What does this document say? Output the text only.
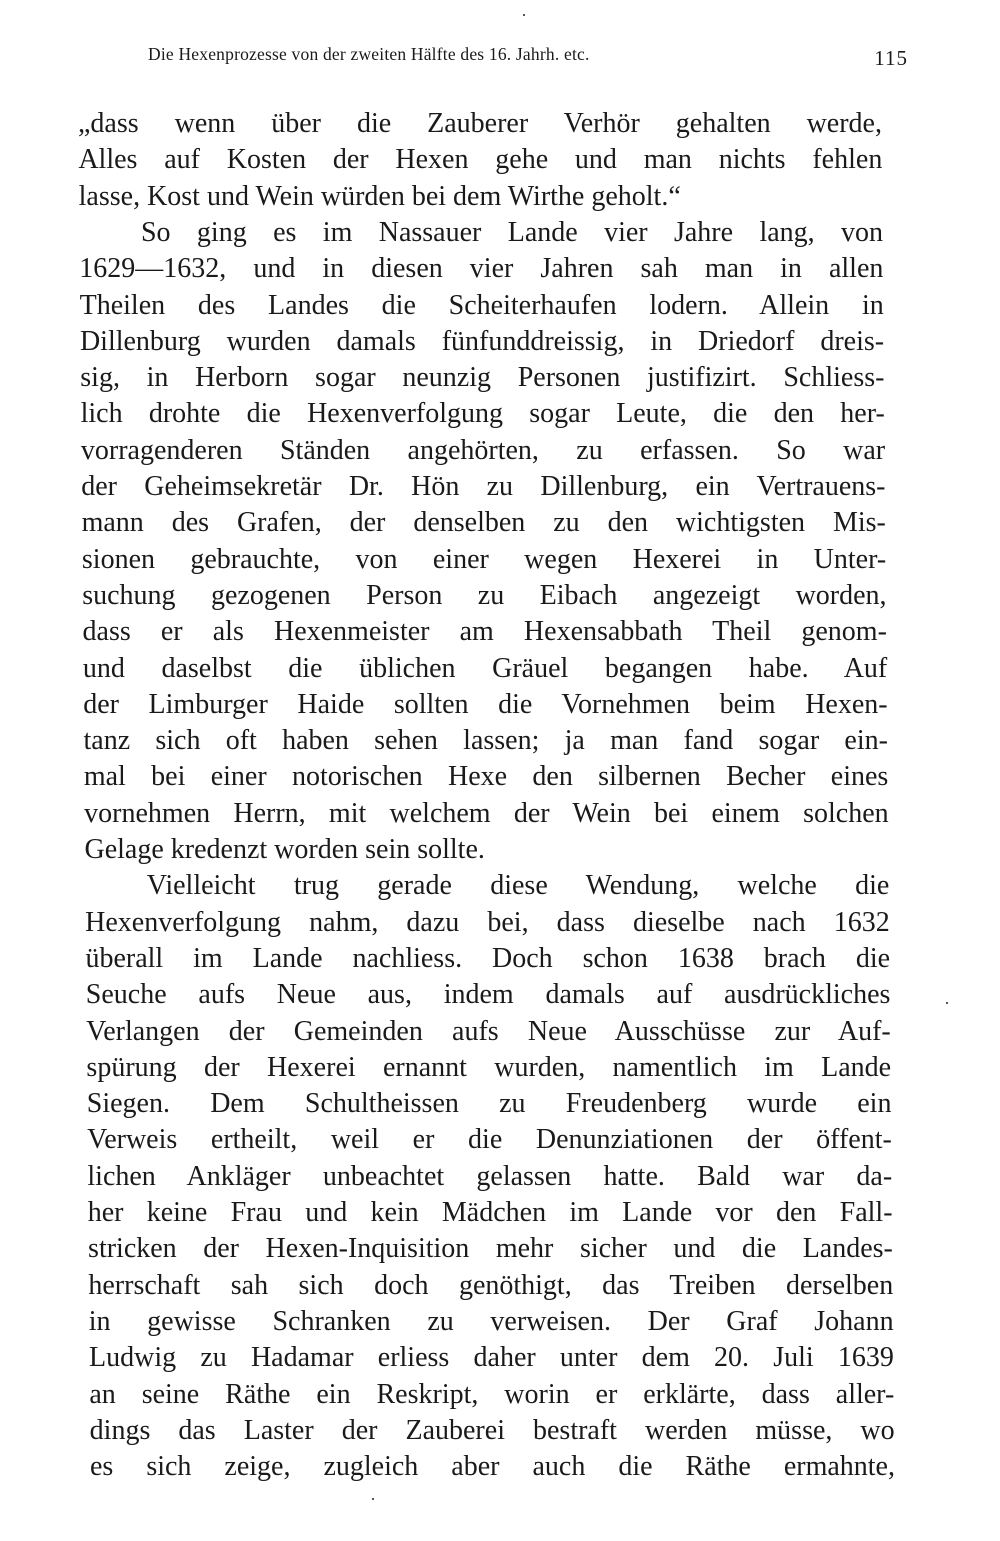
Die Hexenprozesse von der zweiten Hälfte des 16. Jahrh. etc.	115
„dass wenn über die Zauberer Verhör gehalten werde,
Alles auf Kosten der Hexen gehe und man nichts fehlen
lasse, Kost und Wein würden bei dem Wirthe geholt.“
So ging es im Nassauer Lande vier Jahre lang, von
1629—1632, und in diesen vier Jahren sah man in allen
Theilen des Landes die Scheiterhaufen lodern. Allein in
Dillenburg wurden damals fünfunddreissig, in Driedorf dreis-
sig, in Herborn sogar neunzig Personen justifizirt. Schliess-
lich drohte die Hexenverfolgung sogar Leute, die den her-
vorragenderen Ständen angehörten, zu erfassen. So war
der Geheimsekretär Dr. Hön zu Dillenburg, ein Vertrauens-
mann des Grafen, der denselben zu den wichtigsten Mis-
sionen gebrauchte, von einer wegen Hexerei in Unter-
suchung gezogenen Person zu Eibach angezeigt worden,
dass er als Hexenmeister am Hexensabbath Theil genom-
und daselbst die üblichen Gräuel begangen habe. Auf
der Limburger Haide sollten die Vornehmen beim Hexen-
tanz sich oft haben sehen lassen; ja man fand sogar ein-
mal bei einer notorischen Hexe den silbernen Becher eines
vornehmen Herrn, mit welchem der Wein bei einem solchen
Gelage kredenzt worden sein sollte.
Vielleicht trug gerade diese Wendung, welche die
Hexenverfolgung nahm, dazu bei, dass dieselbe nach 1632
überall im Lande nachliess. Doch schon 1638 brach die
Seuche aufs Neue aus, indem damals auf ausdrückliches
Verlangen der Gemeinden aufs Neue Ausschüsse zur Auf-
spürung der Hexerei ernannt wurden, namentlich im Lande
Siegen. Dem Schultheissen zu Freudenberg wurde ein
Verweis ertheilt, weil er die Denunziationen der öffent-
lichen Ankläger unbeachtet gelassen hatte. Bald war da-
her keine Frau und kein Mädchen im Lande vor den Fall-
stricken der Hexen-Inquisition mehr sicher und die Landes-
herrschaft sah sich doch genöthigt, das Treiben derselben
in gewisse Schranken zu verweisen. Der Graf Johann
Ludwig zu Hadamar erliess daher unter dem 20. Juli 1639
an seine Räthe ein Reskript, worin er erklärte, dass aller-
dings das Laster der Zauberei bestraft werden müsse, wo
es sich zeige, zugleich aber auch die Räthe ermahnte,
